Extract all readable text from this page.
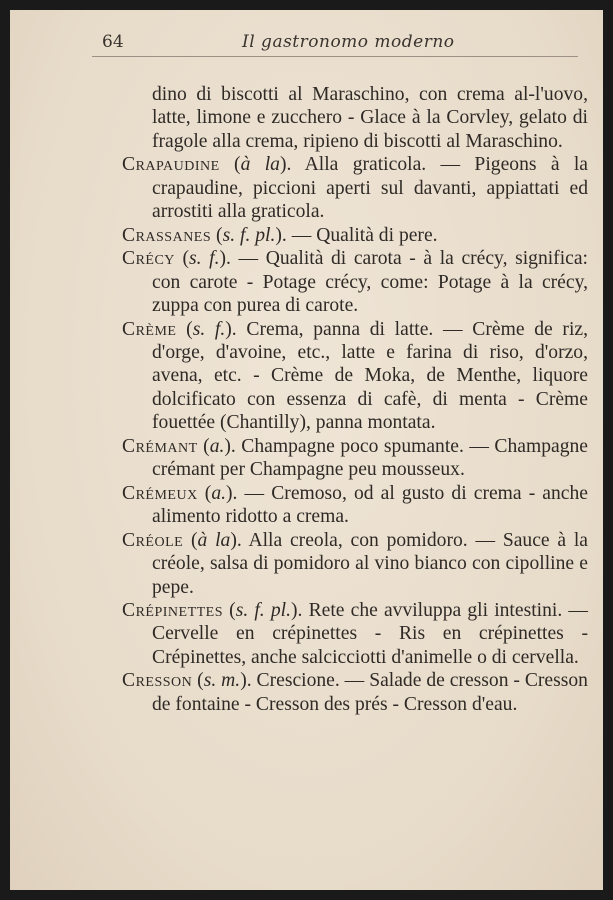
64	Il gastronomo moderno

dino di biscotti al Maraschino, con crema al-l'uovo, latte, limone e zucchero - Glace à la Corvley, gelato di fragole alla crema, ripieno di biscotti al Maraschino.

Crapaudine (à la). Alla graticola. — Pigeons à la crapaudine, piccioni aperti sul davanti, appiattati ed arrostiti alla graticola.

Crassanes (s. f. pl.). — Qualità di pere.

Crécy (s. f.). — Qualità di carota - à la crécy, significa: con carote - Potage crécy, come: Potage à la crécy, zuppa con purea di carote.

Crème (s. f.). Crema, panna di latte. — Crème de riz, d'orge, d'avoine, etc., latte e farina di riso, d'orzo, avena, etc. - Crème de Moka, de Menthe, liquore dolcificato con essenza di cafè, di menta - Crème fouettée (Chantilly), panna montata.

Crémant (a.). Champagne poco spumante. — Champagne crémant per Champagne peu mousseux.

Crémeux (a.). — Cremoso, od al gusto di crema - anche alimento ridotto a crema.

Créole (à la). Alla creola, con pomidoro. — Sauce à la créole, salsa di pomidoro al vino bianco con cipolline e pepe.

Crépinettes (s. f. pl.). Rete che avviluppa gli intestini. — Cervelle en crépinettes - Ris en crépinettes - Crépinettes, anche salcicciotti d'animelle o di cervella.

Cresson (s. m.). Crescione. — Salade de cresson - Cresson de fontaine - Cresson des prés - Cresson d'eau.
